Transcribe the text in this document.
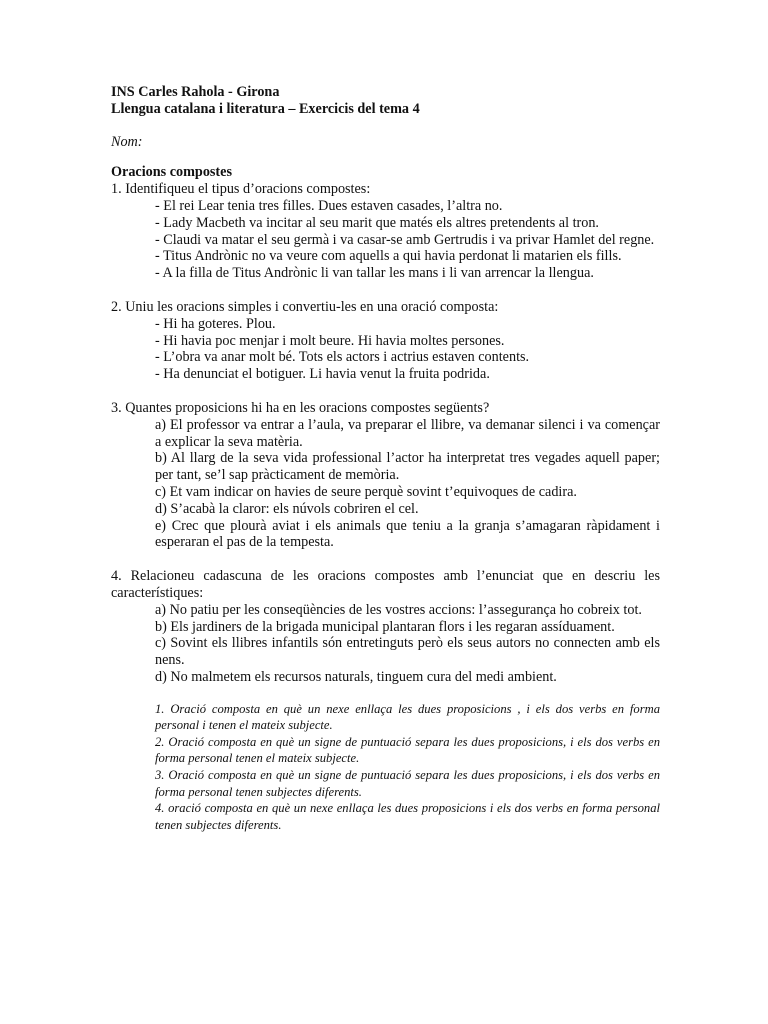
INS Carles Rahola - Girona

Llengua catalana i literatura – Exercicis del tema 4

Nom:

Oracions compostes

1. Identifiqueu el tipus d’oracions compostes:

- El rei Lear tenia tres filles. Dues estaven casades, l’altra no.

- Lady Macbeth va incitar al seu marit que matés els altres pretendents al tron.

- Claudi va matar el seu germà i va casar-se amb Gertrudis i va privar Hamlet del regne.

- Titus Andrònic no va veure com aquells a qui havia perdonat li matarien els fills.

- A la filla de Titus Andrònic li van tallar les mans i li van arrencar la llengua.

2. Uniu les oracions simples i convertiu-les en una oració composta:

- Hi ha goteres. Plou.

- Hi havia poc menjar i molt beure. Hi havia moltes persones.

- L’obra va anar molt bé. Tots els actors i actrius estaven contents.

- Ha denunciat el botiguer. Li havia venut la fruita podrida.

3. Quantes proposicions hi ha en les oracions compostes següents?

a) El professor va entrar a l’aula, va preparar el llibre, va demanar silenci i va començar a explicar la seva matèria.

b) Al llarg de la seva vida professional l’actor ha interpretat tres vegades aquell paper; per tant, se’l sap pràcticament de memòria.

c) Et vam indicar on havies de seure perquè sovint t’equivoques de cadira.

d) S’acabà la claror: els núvols cobriren el cel.

e) Crec que plourà aviat i els animals que teniu a la granja s’amagaran ràpidament i esperaran el pas de la tempesta.

4. Relacioneu cadascuna de les oracions compostes amb l’enunciat que en descriu les característiques:

a) No patiu per les conseqüències de les vostres accions: l’assegurança ho cobreix tot.

b) Els jardiners de la brigada municipal plantaran flors i les regaran assíduament.

c) Sovint els llibres infantils són entretinguts però els seus autors no connecten amb els nens.

d) No malmetem els recursos naturals, tinguem cura del medi ambient.

1. Oració composta en què un nexe enllaça les dues proposicions , i els dos verbs en forma personal i tenen el mateix subjecte.

2. Oració composta en què un signe de puntuació separa les dues proposicions, i els dos verbs en forma personal tenen el mateix subjecte.

3. Oració composta en què un signe de puntuació separa les dues proposicions, i els dos verbs en forma personal tenen subjectes diferents.

4. oració composta en què un nexe enllaça les dues proposicions i els dos verbs en forma personal tenen subjectes diferents.
